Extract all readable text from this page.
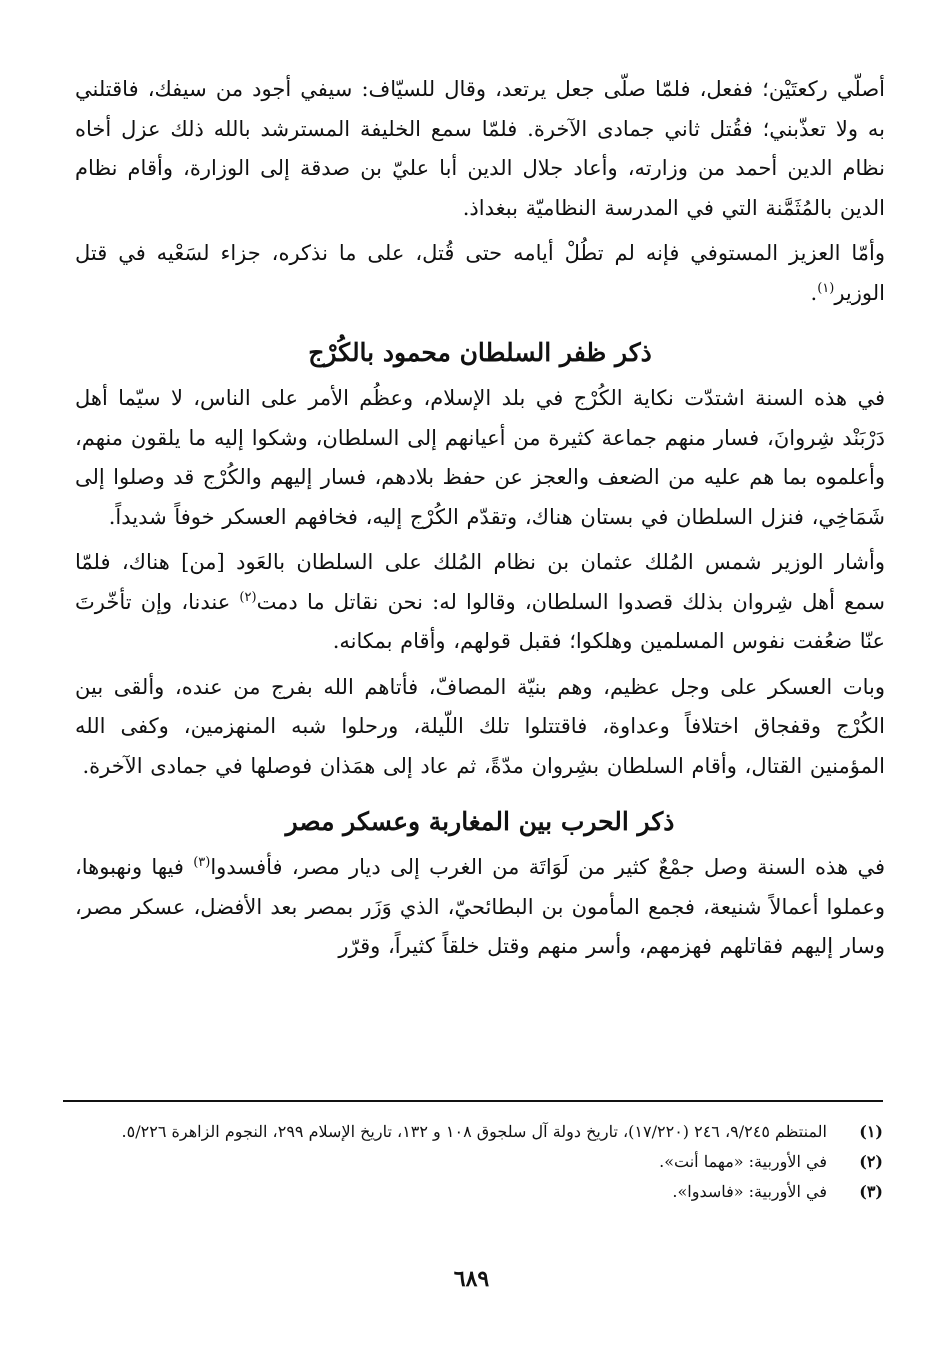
أصلّي ركعتَيْن؛ ففعل، فلمّا صلّى جعل يرتعد، وقال للسيّاف: سيفي أجود من سيفك، فاقتلني به ولا تعذّبني؛ فقُتل ثاني جمادى الآخرة. فلمّا سمع الخليفة المسترشد بالله ذلك عزل أخاه نظام الدين أحمد من وزارته، وأعاد جلال الدين أبا عليّ بن صدقة إلى الوزارة، وأقام نظام الدين بالمُثَمَّنة التي في المدرسة النظاميّة ببغداذ.

وأمّا العزيز المستوفي فإنه لم تطُلْ أيامه حتى قُتل، على ما نذكره، جزاء لسَعْيه في قتل الوزير$^{(١)}$.

ذكر ظفر السلطان محمود بالكُرْج

في هذه السنة اشتدّت نكاية الكُرْج في بلد الإسلام، وعظُم الأمر على الناس، لا سيّما أهل دَرْبَنْد شِروانَ، فسار منهم جماعة كثيرة من أعيانهم إلى السلطان، وشكوا إليه ما يلقون منهم، وأعلموه بما هم عليه من الضعف والعجز عن حفظ بلادهم، فسار إليهم والكُرْج قد وصلوا إلى شَمَاخِي، فنزل السلطان في بستان هناك، وتقدّم الكُرْج إليه، فخافهم العسكر خوفاً شديداً.

وأشار الوزير شمس المُلك عثمان بن نظام المُلك على السلطان بالعَود [من] هناك، فلمّا سمع أهل شِروان بذلك قصدوا السلطان، وقالوا له: نحن نقاتل ما دمت$^{(٢)}$ عندنا، وإن تأخّرتَ عنّا ضعُفت نفوس المسلمين وهلكوا؛ فقبل قولهم، وأقام بمكانه.

وبات العسكر على وجل عظيم، وهم بنيّة المصافّ، فأتاهم الله بفرج من عنده، وألقى بين الكُرْج وقفجاق اختلافاً وعداوة، فاقتتلوا تلك اللّيلة، ورحلوا شبه المنهزمين، وكفى الله المؤمنين القتال، وأقام السلطان بشِروان مدّةً، ثم عاد إلى همَذان فوصلها في جمادى الآخرة.

ذكر الحرب بين المغاربة وعسكر مصر

في هذه السنة وصل جمْعٌ كثير من لَوَاتَة من الغرب إلى ديار مصر، فأفسدوا$^{(٣)}$ فيها ونهبوها، وعملوا أعمالاً شنيعة، فجمع المأمون بن البطائحيّ، الذي وَزَر بمصر بعد الأفضل، عسكر مصر، وسار إليهم فقاتلهم فهزمهم، وأسر منهم وقتل خلقاً كثيراً، وقرّر

(١)
المنتظم ٩/٢٤٥، ٢٤٦ (١٧/٢٢٠)، تاريخ دولة آل سلجوق ١٠٨ و ١٣٢، تاريخ الإسلام ٢٩٩، النجوم الزاهرة ٥/٢٢٦.
(٢)
في الأوربية: «مهما أنت».
(٣)
في الأوربية: «فاسدوا».
٦٨٩
